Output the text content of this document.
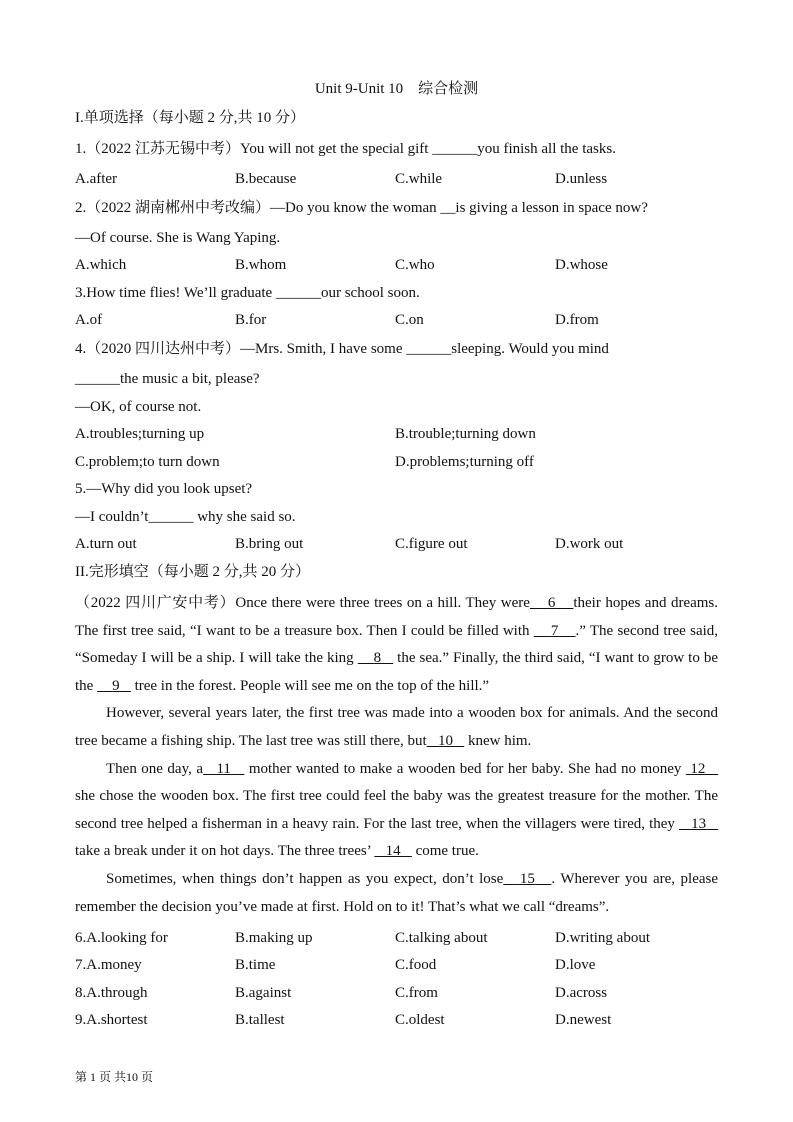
Unit 9-Unit 10　综合检测
I.单项选择（每小题 2 分,共 10 分）
1.（2022 江苏无锡中考）You will not get the special gift ______you finish all the tasks.
A.after	B.because	C.while	D.unless
2.（2022 湖南郴州中考改编）—Do you know the woman __is giving a lesson in space now?
—Of course. She is Wang Yaping.
A.which	B.whom	C.who	D.whose
3.How time flies! We’ll graduate ______our school soon.
A.of	B.for	C.on	D.from
4.（2020 四川达州中考）—Mrs. Smith, I have some ______sleeping. Would you mind
______the music a bit, please?
—OK, of course not.
A.troubles;turning up	B.trouble;turning down
C.problem;to turn down	D.problems;turning off
5.—Why did you look upset?
—I couldn’t______ why she said so.
A.turn out	B.bring out	C.figure out	D.work out
II.完形填空（每小题 2 分,共 20 分）

（2022 四川广安中考）Once there were three trees on a hill. They were 6 their hopes and dreams. The first tree said, “I want to be a treasure box. Then I could be filled with 7 .” The second tree said, “Someday I will be a ship. I will take the king 8 the sea.” Finally, the third said, “I want to grow to be the 9 tree in the forest. People will see me on the top of the hill.”

However, several years later, the first tree was made into a wooden box for animals. And the second tree became a fishing ship. The last tree was still there, but 10 knew him.

Then one day, a 11 mother wanted to make a wooden bed for her baby. She had no money 12    she chose the wooden box. The first tree could feel the baby was the greatest treasure for the mother. The second tree helped a fisherman in a heavy rain. For the last tree, when the villagers were tired, they 13    take a break under it on hot days. The three trees’ 14 come true.

Sometimes, when things don’t happen as you expect, don’t lose 15 . Wherever you are, please remember the decision you’ve made at first. Hold on to it! That’s what we call “dreams”.

6.A.looking for	B.making up	C.talking about	D.writing about
7.A.money	B.time	C.food	D.love
8.A.through	B.against	C.from	D.across
9.A.shortest	B.tallest	C.oldest	D.newest
第 1 页 共10 页
